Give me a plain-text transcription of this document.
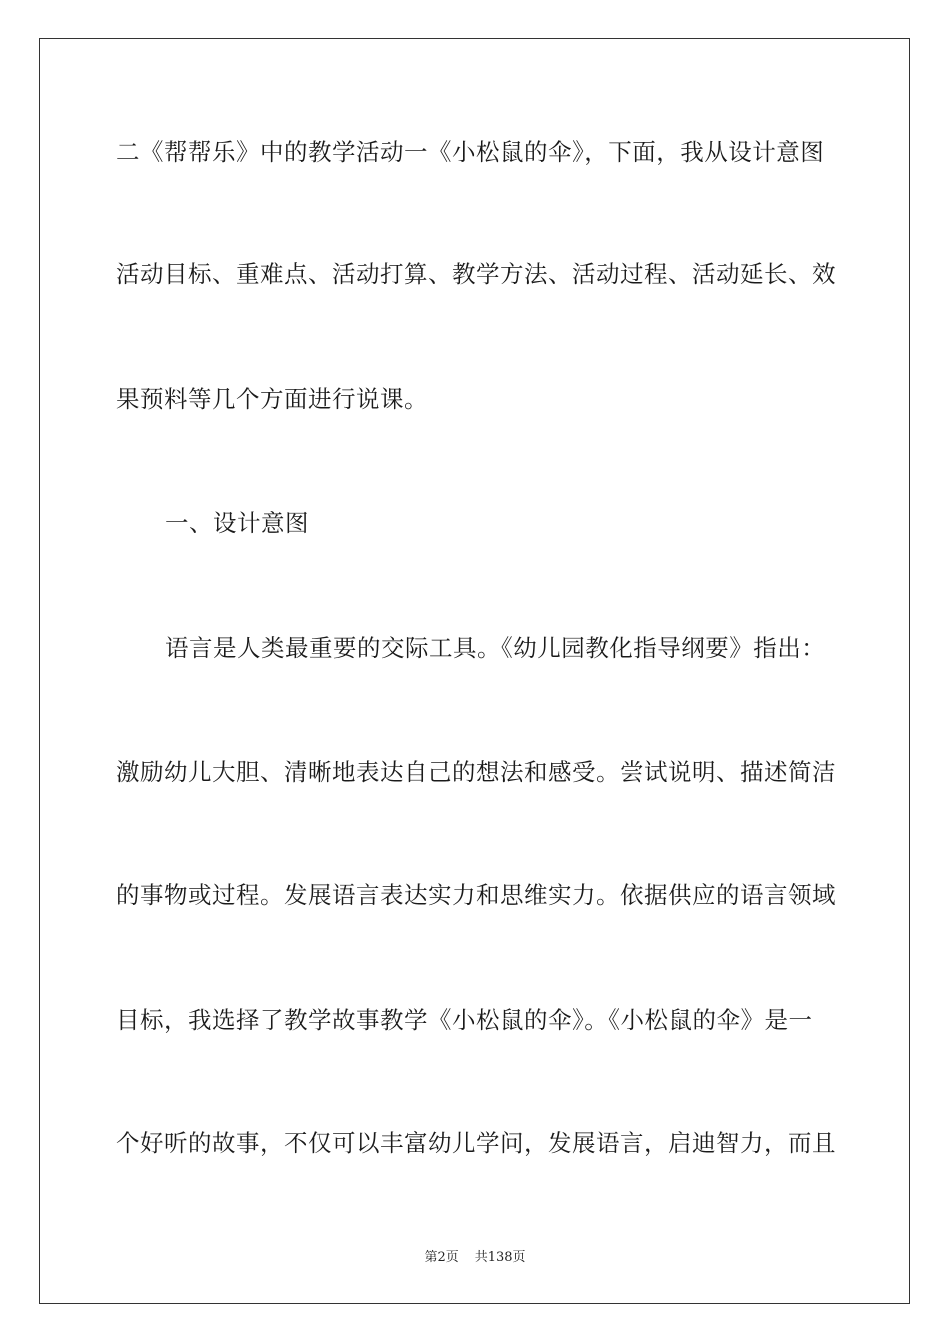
二《帮帮乐》中的教学活动一《小松鼠的伞》，下面，我从设计意图
活动目标、重难点、活动打算、教学方法、活动过程、活动延长、效
果预料等几个方面进行说课。
一、设计意图
语言是人类最重要的交际工具。《幼儿园教化指导纲要》指出：
激励幼儿大胆、清晰地表达自己的想法和感受。尝试说明、描述简洁
的事物或过程。发展语言表达实力和思维实力。依据供应的语言领域
目标，我选择了教学故事教学《小松鼠的伞》。《小松鼠的伞》是一
个好听的故事，不仅可以丰富幼儿学问，发展语言，启迪智力，而且
第2页 共138页
